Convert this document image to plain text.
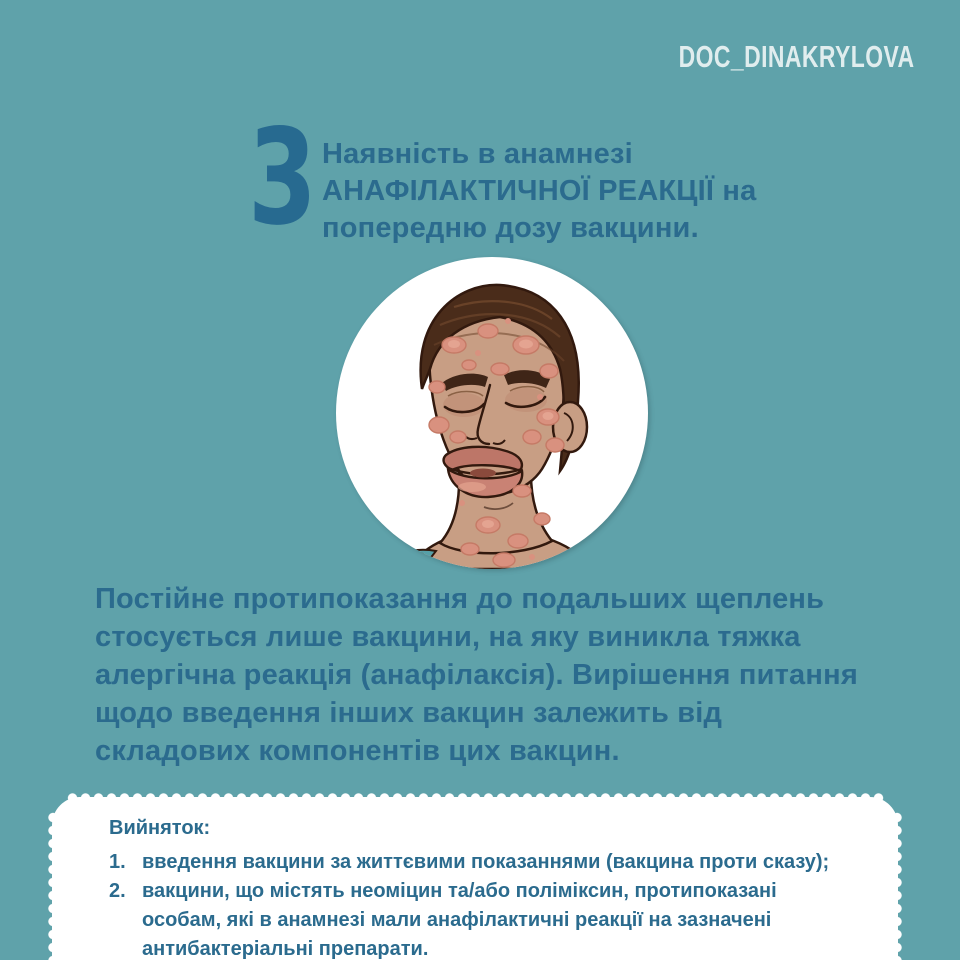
DOC_DINAKRYLOVA
3 Наявність в анамнезі
АНАФІЛАКТИЧНОЇ РЕАКЦІЇ на
попередню дозу вакцини.
Постійне протипоказання до подальших щеплень
стосується лише вакцини, на яку виникла тяжка
алергічна реакція (анафілаксія). Вирішення питання
щодо введення інших вакцин залежить від
складових компонентів цих вакцин.
Вийняток:
1. введення вакцини за життєвими показаннями (вакцина проти сказу);
2. вакцини, що містять неоміцин та/або поліміксин, протипоказані особам, які в анамнезі мали анафілактичні реакції на зазначені антибактеріальні препарати.
